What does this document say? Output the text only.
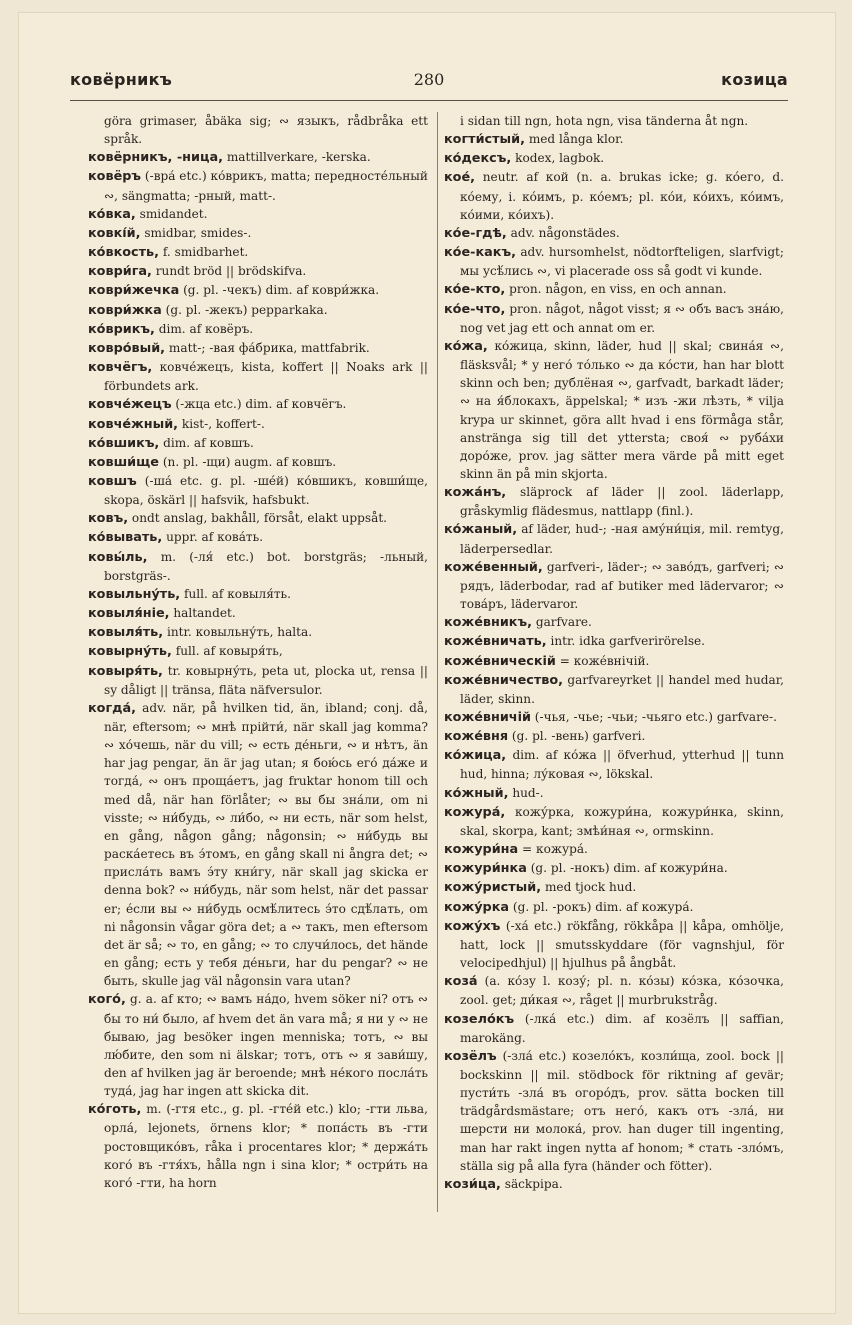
ковёрникъ	280	козица

göra grimaser, åbäka sig; ∾ языкъ, rådbråka ett språk.

ковёрникъ, -ница, mattillverkare, -kerska.

ковёръ (-вра́ etc.) ко́врикъ, matta; передносте́льный ∾, sängmatta; -рный, matt-.

ко́вка, smidandet.

ковкі́й, smidbar, smides-.

ко́вкость, f. smidbarhet.

коври́га, rundt bröd || brödskifva.

коври́жечка (g. pl. -чекъ) dim. af коври́жка.

коври́жка (g. pl. -жекъ) pepparkaka.

ко́врикъ, dim. af ковёръ.

ковро́вый, matt-; -вая фа́брика, mattfabrik.

ковчёгъ, ковче́жецъ, kista, koffert || Noaks ark || förbundets ark.

ковче́жецъ (-жца etc.) dim. af ковчёгъ.

ковче́жный, kist-, koffert-.

ко́вшикъ, dim. af ковшъ.

ковши́ще (n. pl. -щи) augm. af ковшъ.

ковшъ (-ша́ etc. g. pl. -ше́й) ко́вшикъ, ковши́ще, skopa, öskärl || hafsvik, hafsbukt.

ковъ, ondt anslag, bakhåll, försåt, elakt uppsåt.

ко́вывать, uppr. af кова́ть.

ковы́ль, m. (-ля́ etc.) bot. borstgräs; -льный, borstgräs-.

ковыльну́ть, full. af ковыля́ть.

ковыля́ніе, haltandet.

ковыля́ть, intr. ковыльну́ть, halta.

ковырну́ть, full. af ковыря́ть,

ковыря́ть, tr. ковырну́ть, peta ut, plocka ut, rensa || sy dåligt || tränsa, fläta näfversulor.

когда́, adv. när, på hvilken tid, än, ibland; conj. då, när, eftersom; ∾ мнѣ прійти́, när skall jag komma? ∾ хо́чешь, när du vill; ∾ есть де́ньги, ∾ и нѣтъ, än har jag pengar, än är jag utan; я бою́сь его́ да́же и тогда́, ∾ онъ проща́етъ, jag fruktar honom till och med då, när han förlåter; ∾ вы бы зна́ли, om ni visste; ∾ ни́будь, ∾ ли́бо, ∾ ни есть, när som helst, en gång, någon gång; någonsin; ∾ ни́будь вы раска́етесь въ э́томъ, en gång skall ni ångra det; ∾ присла́ть вамъ э́ту кни́гу, när skall jag skicka er denna bok? ∾ ни́будь, när som helst, när det passar er; е́сли вы ∾ ни́будь осмѣ́литесь э́то сдѣ́лать, om ni någonsin vågar göra det; а ∾ такъ, men eftersom det är så; ∾ то, en gång; ∾ то случи́лось, det hände en gång; есть у тебя де́ньги, har du pengar? ∾ не быть, skulle jag väl någonsin vara utan?

кого́, g. a. af кто; ∾ вамъ на́до, hvem söker ni? отъ ∾ бы то ни́ было, af hvem det än vara må; я ни у ∾ не бываю, jag besöker ingen menniska; тотъ, ∾ вы лю́бите, den som ni älskar; тотъ, отъ ∾ я зави́шу, den af hvilken jag är beroende; мнѣ не́кого посла́ть туда́, jag har ingen att skicka dit.

ко́готь, m. (-гтя etc., g. pl. -гте́й etc.) klo; -гти льва, орла́, lejonets, örnens klor; * попа́сть въ -гти ростовщико́въ, råka i procentares klor; * держа́ть кого́ въ -гтя́хъ, hålla ngn i sina klor; * остри́ть на кого́ -гти, ha horn

i sidan till ngn, hota ngn, visa tänderna åt ngn.

когти́стый, med långa klor.

ко́дексъ, kodex, lagbok.

кое́, neutr. af кой (n. a. brukas icke; g. ко́его, d. ко́ему, i. ко́имъ, p. ко́емъ; pl. ко́и, ко́ихъ, ко́имъ, ко́ими, ко́ихъ).

ко́е-гдѣ, adv. någonstädes.

ко́е-какъ, adv. hursomhelst, nödtorfteligen, slarfvigt; мы усѣ́лись ∾, vi placerade oss så godt vi kunde.

ко́е-кто, pron. någon, en viss, en och annan.

ко́е-что, pron. något, något visst; я ∾ объ васъ зна́ю, nog vet jag ett och annat om er.

ко́жа, ко́жица, skinn, läder, hud || skal; свина́я ∾, fläsksvål; * у него́ то́лько ∾ да ко́сти, han har blott skinn och ben; дублёная ∾, garfvadt, barkadt läder; ∾ на я́блокахъ, äppelskal; * изъ -жи лѣзть, * vilja krypa ur skinnet, göra allt hvad i ens förmåga står, anstränga sig till det yttersta; своя́ ∾ руба́хи доро́же, prov. jag sätter mera värde på mitt eget skinn än på min skjorta.

кожа́нъ, släprock af läder || zool. läderlapp, gråskymlig flädesmus, nattlapp (finl.).

ко́жаный, af läder, hud-; -ная аму́ни́ція, mil. remtyg, läderpersedlar.

коже́венный, garfveri-, läder-; ∾ заво́дъ, garfveri; ∾ рядъ, läderbodar, rad af butiker med lädervaror; ∾ това́ръ, lädervaror.

коже́вникъ, garfvare.

коже́вничать, intr. idka garfverirörelse.

коже́вническій = коже́внічій.

коже́вничество, garfvareyrket || handel med hudar, läder, skinn.

коже́вничій (-чья, -чье; -чьи; -чьяго etc.) garfvare-.

коже́вня (g. pl. -вень) garfveri.

ко́жица, dim. af ко́жа || öfverhud, ytterhud || tunn hud, hinna; лу́ковая ∾, lökskal.

ко́жный, hud-.

кожура́, кожу́рка, кожури́на, кожури́нка, skinn, skal, skorpa, kant; змѣи́ная ∾, ormskinn.

кожури́на = кожура́.

кожури́нка (g. pl. -нокъ) dim. af кожури́на.

кожу́ристый, med tjock hud.

кожу́рка (g. pl. -рокъ) dim. af кожура́.

кожу́хъ (-ха́ etc.) rökfång, rökkåpa || kåpa, omhölje, hatt, lock || smutsskyddare (för vagnshjul, för velocipedhjul) || hjulhus på ångbåt.

коза́ (a. ко́зу l. козу́; pl. n. ко́зы) ко́зка, ко́зочка, zool. get; ди́кая ∾, råget || murbrukstråg.

козело́къ (-лка́ etc.) dim. af козёлъ || saffian, marokäng.

козёлъ (-зла́ etc.) козело́къ, козли́ща, zool. bock || bockskinn || mil. stödbock för riktning af gevär; пусти́ть -зла́ въ огоро́дъ, prov. sätta bocken till trädgårdsmästare; отъ него́, какъ отъ -зла́, ни шерсти ни молока́, prov. han duger till ingenting, man har rakt ingen nytta af honom; * стать -зло́мъ, ställa sig på alla fyra (händer och fötter).

кози́ца, säckpipa.
